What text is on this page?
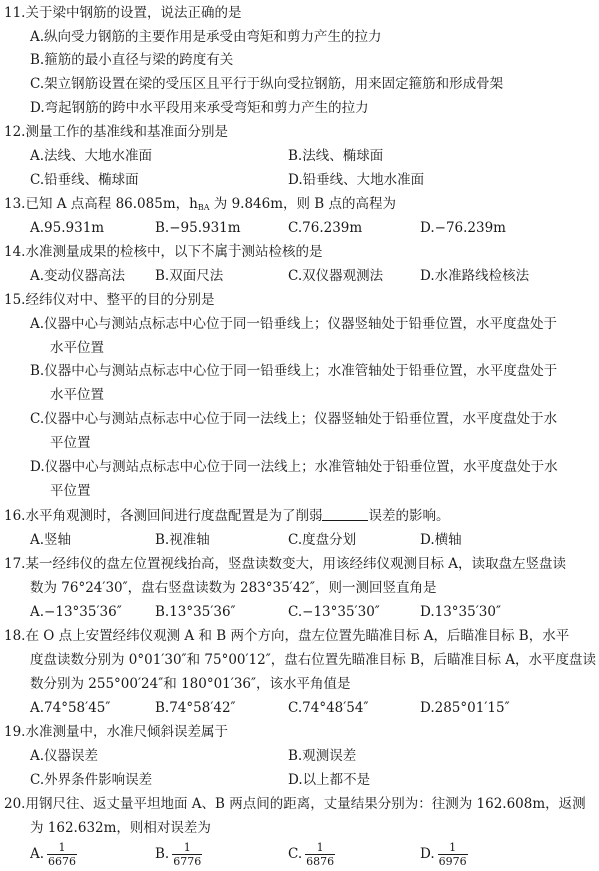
11.关于梁中钢筋的设置，说法正确的是
A.纵向受力钢筋的主要作用是承受由弯矩和剪力产生的拉力
B.箍筋的最小直径与梁的跨度有关
C.架立钢筋设置在梁的受压区且平行于纵向受拉钢筋，用来固定箍筋和形成骨架
D.弯起钢筋的跨中水平段用来承受弯矩和剪力产生的拉力
12.测量工作的基准线和基准面分别是
A.法线、大地水准面	B.法线、椭球面
C.铅垂线、椭球面	D.铅垂线、大地水准面
13.已知 A 点高程 86.085m，$h_{BA}$ 为 9.846m，则 B 点的高程为
A.95.931m	B.−95.931m	C.76.239m	D.−76.239m
14.水准测量成果的检核中，以下不属于测站检核的是
A.变动仪器高法 B.双面尺法	C.双仪器观测法	D.水准路线检核法
15.经纬仪对中、整平的目的分别是
A.仪器中心与测站点标志中心位于同一铅垂线上；仪器竖轴处于铅垂位置，水平度盘处于
水平位置
B.仪器中心与测站点标志中心位于同一铅垂线上；水准管轴处于铅垂位置，水平度盘处于
水平位置
C.仪器中心与测站点标志中心位于同一法线上；仪器竖轴处于铅垂位置，水平度盘处于水
平位置
D.仪器中心与测站点标志中心位于同一法线上；水准管轴处于铅垂位置，水平度盘处于水
平位置
16.水平角观测时，各测回间进行度盘配置是为了削弱	误差的影响。
A.竖轴	B.视准轴	C.度盘分划	D.横轴
17.某一经纬仪的盘左位置视线抬高，竖盘读数变大，用该经纬仪观测目标 A，读取盘左竖盘读
数为 76°24′30″，盘右竖盘读数为 283°35′42″，则一测回竖直角是
A.−13°35′36″ B.13°35′36″	C.−13°35′30″	D.13°35′30″
18.在 O 点上安置经纬仪观测 A 和 B 两个方向，盘左位置先瞄准目标 A，后瞄准目标 B，水平
度盘读数分别为 0°01′30″和 75°00′12″，盘右位置先瞄准目标 B，后瞄准目标 A，水平度盘读
数分别为 255°00′24″和 180°01′36″，该水平角值是
A.74°58′45″	B.74°58′42″	C.74°48′54″	D.285°01′15″
19.水准测量中，水准尺倾斜误差属于
A.仪器误差	B.观测误差
C.外界条件影响误差	D.以上都不是
20.用钢尺往、返丈量平坦地面 A、B 两点间的距离，丈量结果分别为：往测为 162.608m，返测
为 162.632m，则相对误差为
A. $\frac{1}{6676}$	B. $\frac{1}{6776}$	C. $\frac{1}{6876}$	D. $\frac{1}{6976}$
